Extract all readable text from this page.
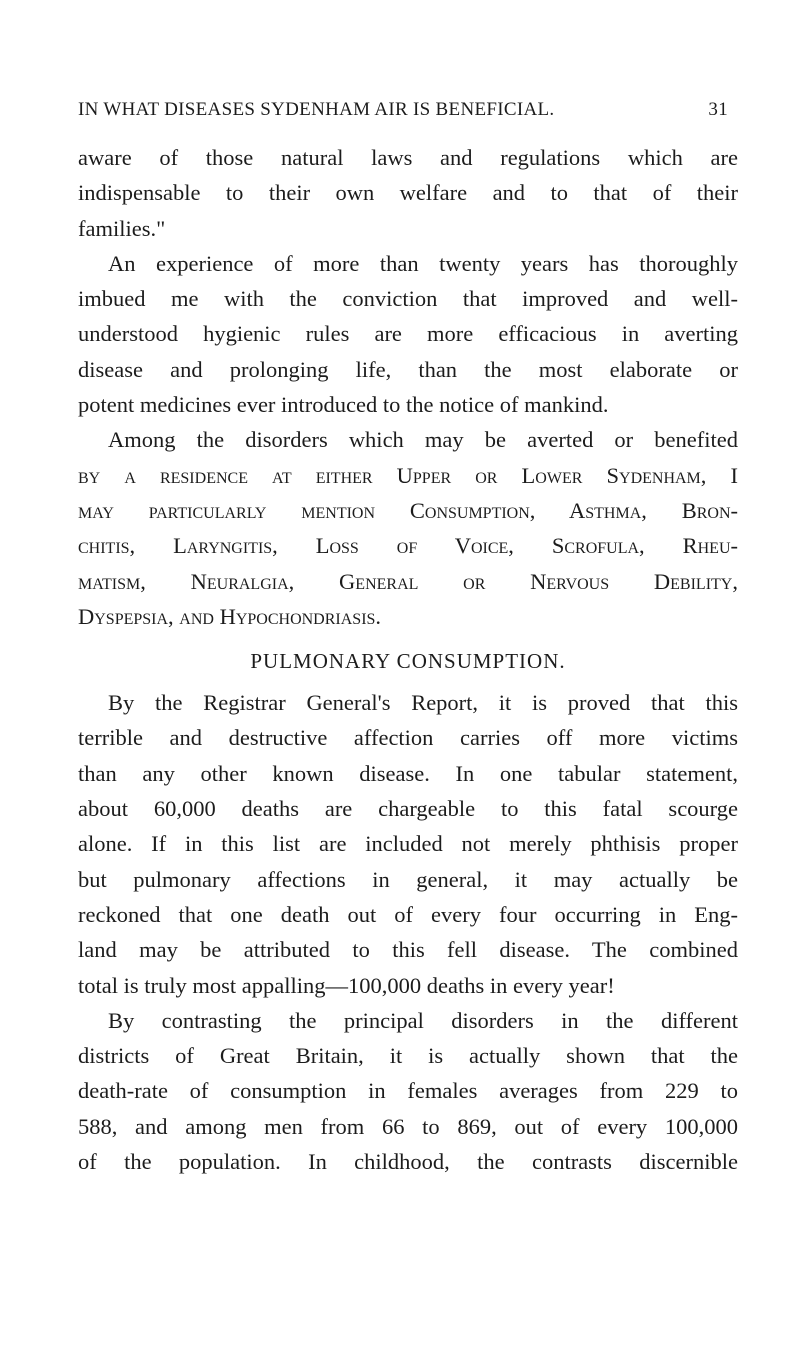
IN WHAT DISEASES SYDENHAM AIR IS BENEFICIAL.	31
aware of those natural laws and regulations which are
indispensable to their own welfare and to that of their
families."
An experience of more than twenty years has thoroughly
imbued me with the conviction that improved and well-
understood hygienic rules are more efficacious in averting
disease and prolonging life, than the most elaborate or
potent medicines ever introduced to the notice of mankind.
Among the disorders which may be averted or benefited
by a residence at either Upper or Lower Sydenham, I
may particularly mention Consumption, Asthma, Bron-
chitis, Laryngitis, Loss of Voice, Scrofula, Rheu-
matism, Neuralgia, General or Nervous Debility,
Dyspepsia, and Hypochondriasis.
PULMONARY CONSUMPTION.
By the Registrar General's Report, it is proved that this
terrible and destructive affection carries off more victims
than any other known disease. In one tabular statement,
about 60,000 deaths are chargeable to this fatal scourge
alone. If in this list are included not merely phthisis proper
but pulmonary affections in general, it may actually be
reckoned that one death out of every four occurring in Eng-
land may be attributed to this fell disease. The combined
total is truly most appalling—100,000 deaths in every year!
By contrasting the principal disorders in the different
districts of Great Britain, it is actually shown that the
death-rate of consumption in females averages from 229 to
588, and among men from 66 to 869, out of every 100,000
of the population. In childhood, the contrasts discernible
